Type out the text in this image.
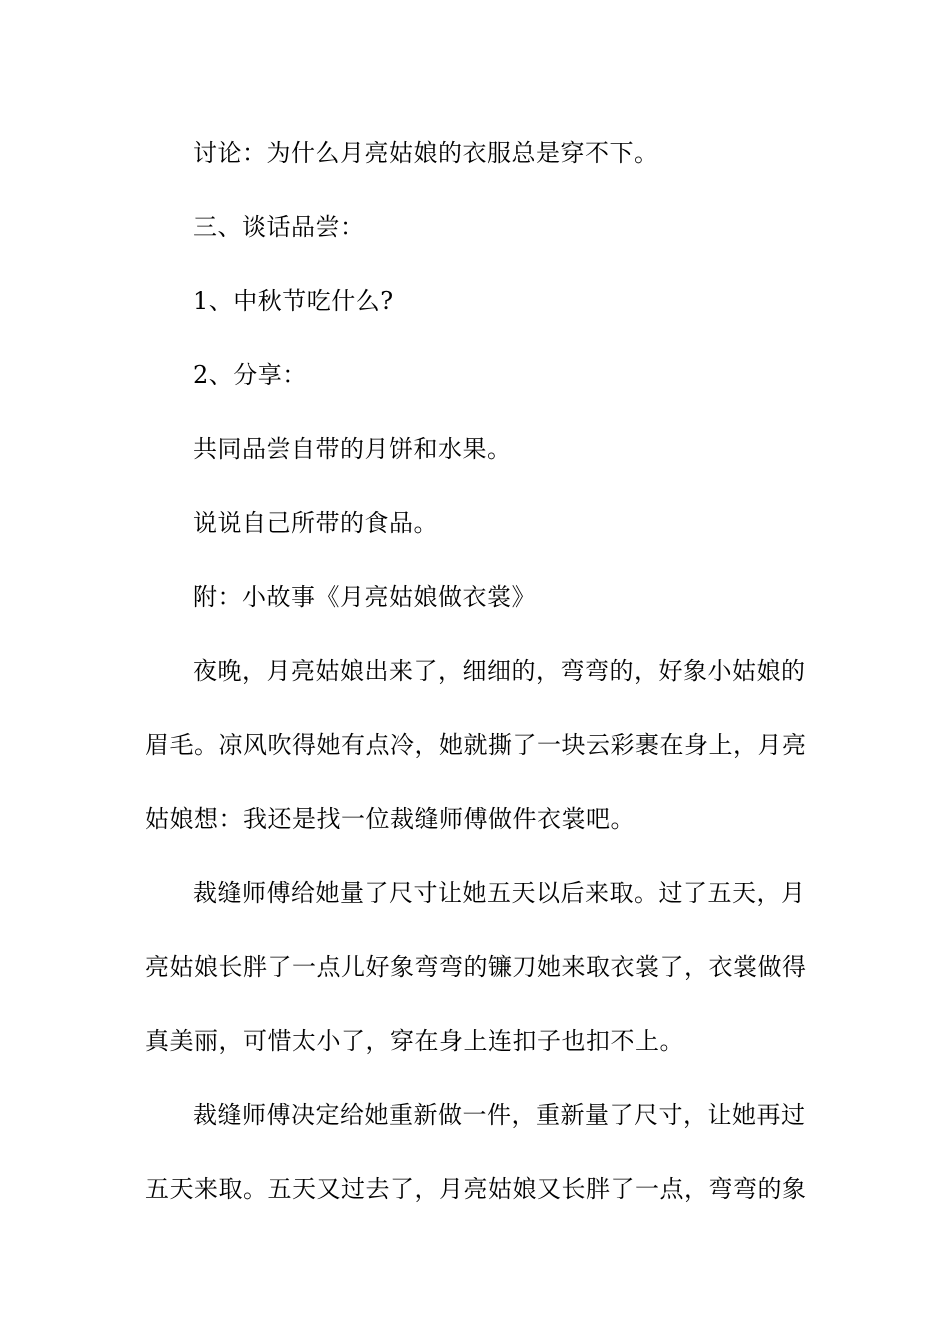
讨论：为什么月亮姑娘的衣服总是穿不下。
三、谈话品尝：
1、中秋节吃什么?
2、分享：
共同品尝自带的月饼和水果。
说说自己所带的食品。
附：小故事《月亮姑娘做衣裳》
夜晚，月亮姑娘出来了，细细的，弯弯的，好象小姑娘的
眉毛。凉风吹得她有点冷，她就撕了一块云彩裹在身上，月亮
姑娘想：我还是找一位裁缝师傅做件衣裳吧。
裁缝师傅给她量了尺寸让她五天以后来取。过了五天，月
亮姑娘长胖了一点儿好象弯弯的镰刀她来取衣裳了，衣裳做得
真美丽，可惜太小了，穿在身上连扣子也扣不上。
裁缝师傅决定给她重新做一件，重新量了尺寸，让她再过
五天来取。五天又过去了，月亮姑娘又长胖了一点，弯弯的象
